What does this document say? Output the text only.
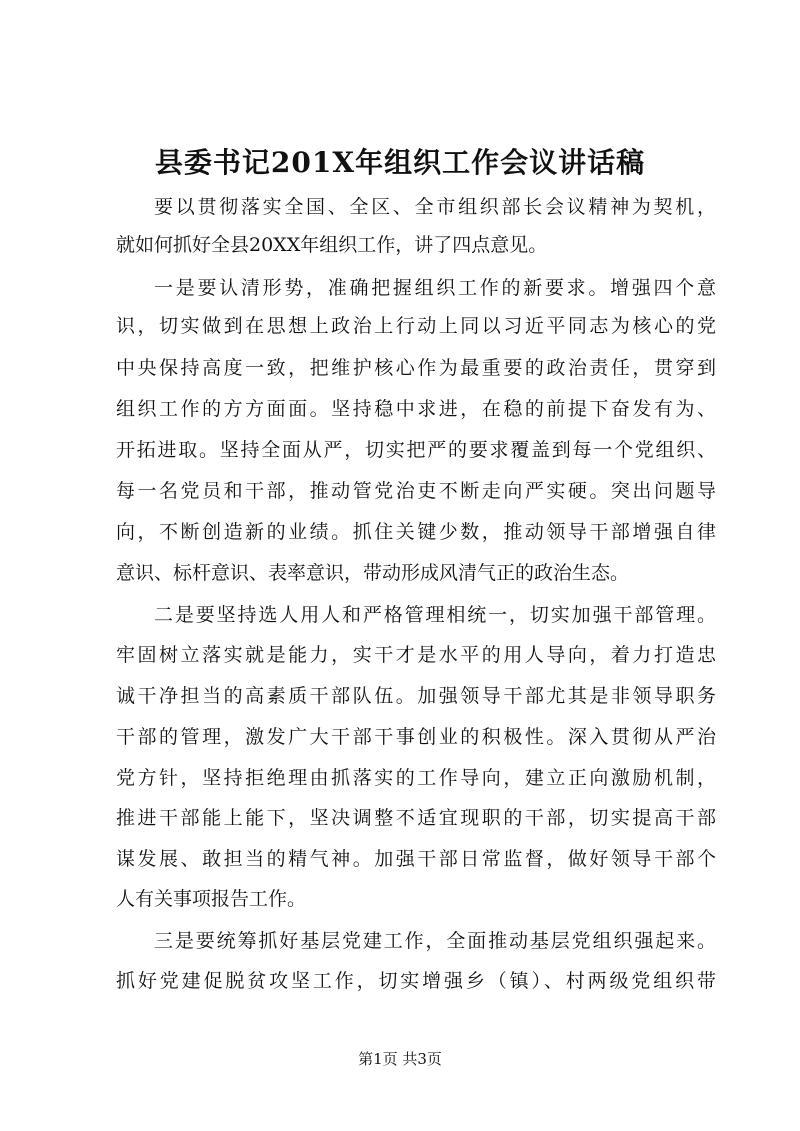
县委书记201X年组织工作会议讲话稿

要以贯彻落实全国、全区、全市组织部长会议精神为契机，

就如何抓好全县20XX年组织工作，讲了四点意见。

一是要认清形势，准确把握组织工作的新要求。增强四个意

识，切实做到在思想上政治上行动上同以习近平同志为核心的党

中央保持高度一致，把维护核心作为最重要的政治责任，贯穿到

组织工作的方方面面。坚持稳中求进，在稳的前提下奋发有为、

开拓进取。坚持全面从严，切实把严的要求覆盖到每一个党组织、

每一名党员和干部，推动管党治吏不断走向严实硬。突出问题导

向，不断创造新的业绩。抓住关键少数，推动领导干部增强自律

意识、标杆意识、表率意识，带动形成风清气正的政治生态。

二是要坚持选人用人和严格管理相统一，切实加强干部管理。

牢固树立落实就是能力，实干才是水平的用人导向，着力打造忠

诚干净担当的高素质干部队伍。加强领导干部尤其是非领导职务

干部的管理，激发广大干部干事创业的积极性。深入贯彻从严治

党方针，坚持拒绝理由抓落实的工作导向，建立正向激励机制，

推进干部能上能下，坚决调整不适宜现职的干部，切实提高干部

谋发展、敢担当的精气神。加强干部日常监督，做好领导干部个

人有关事项报告工作。

三是要统筹抓好基层党建工作，全面推动基层党组织强起来。

抓好党建促脱贫攻坚工作，切实增强乡（镇）、村两级党组织带

第1页 共3页
